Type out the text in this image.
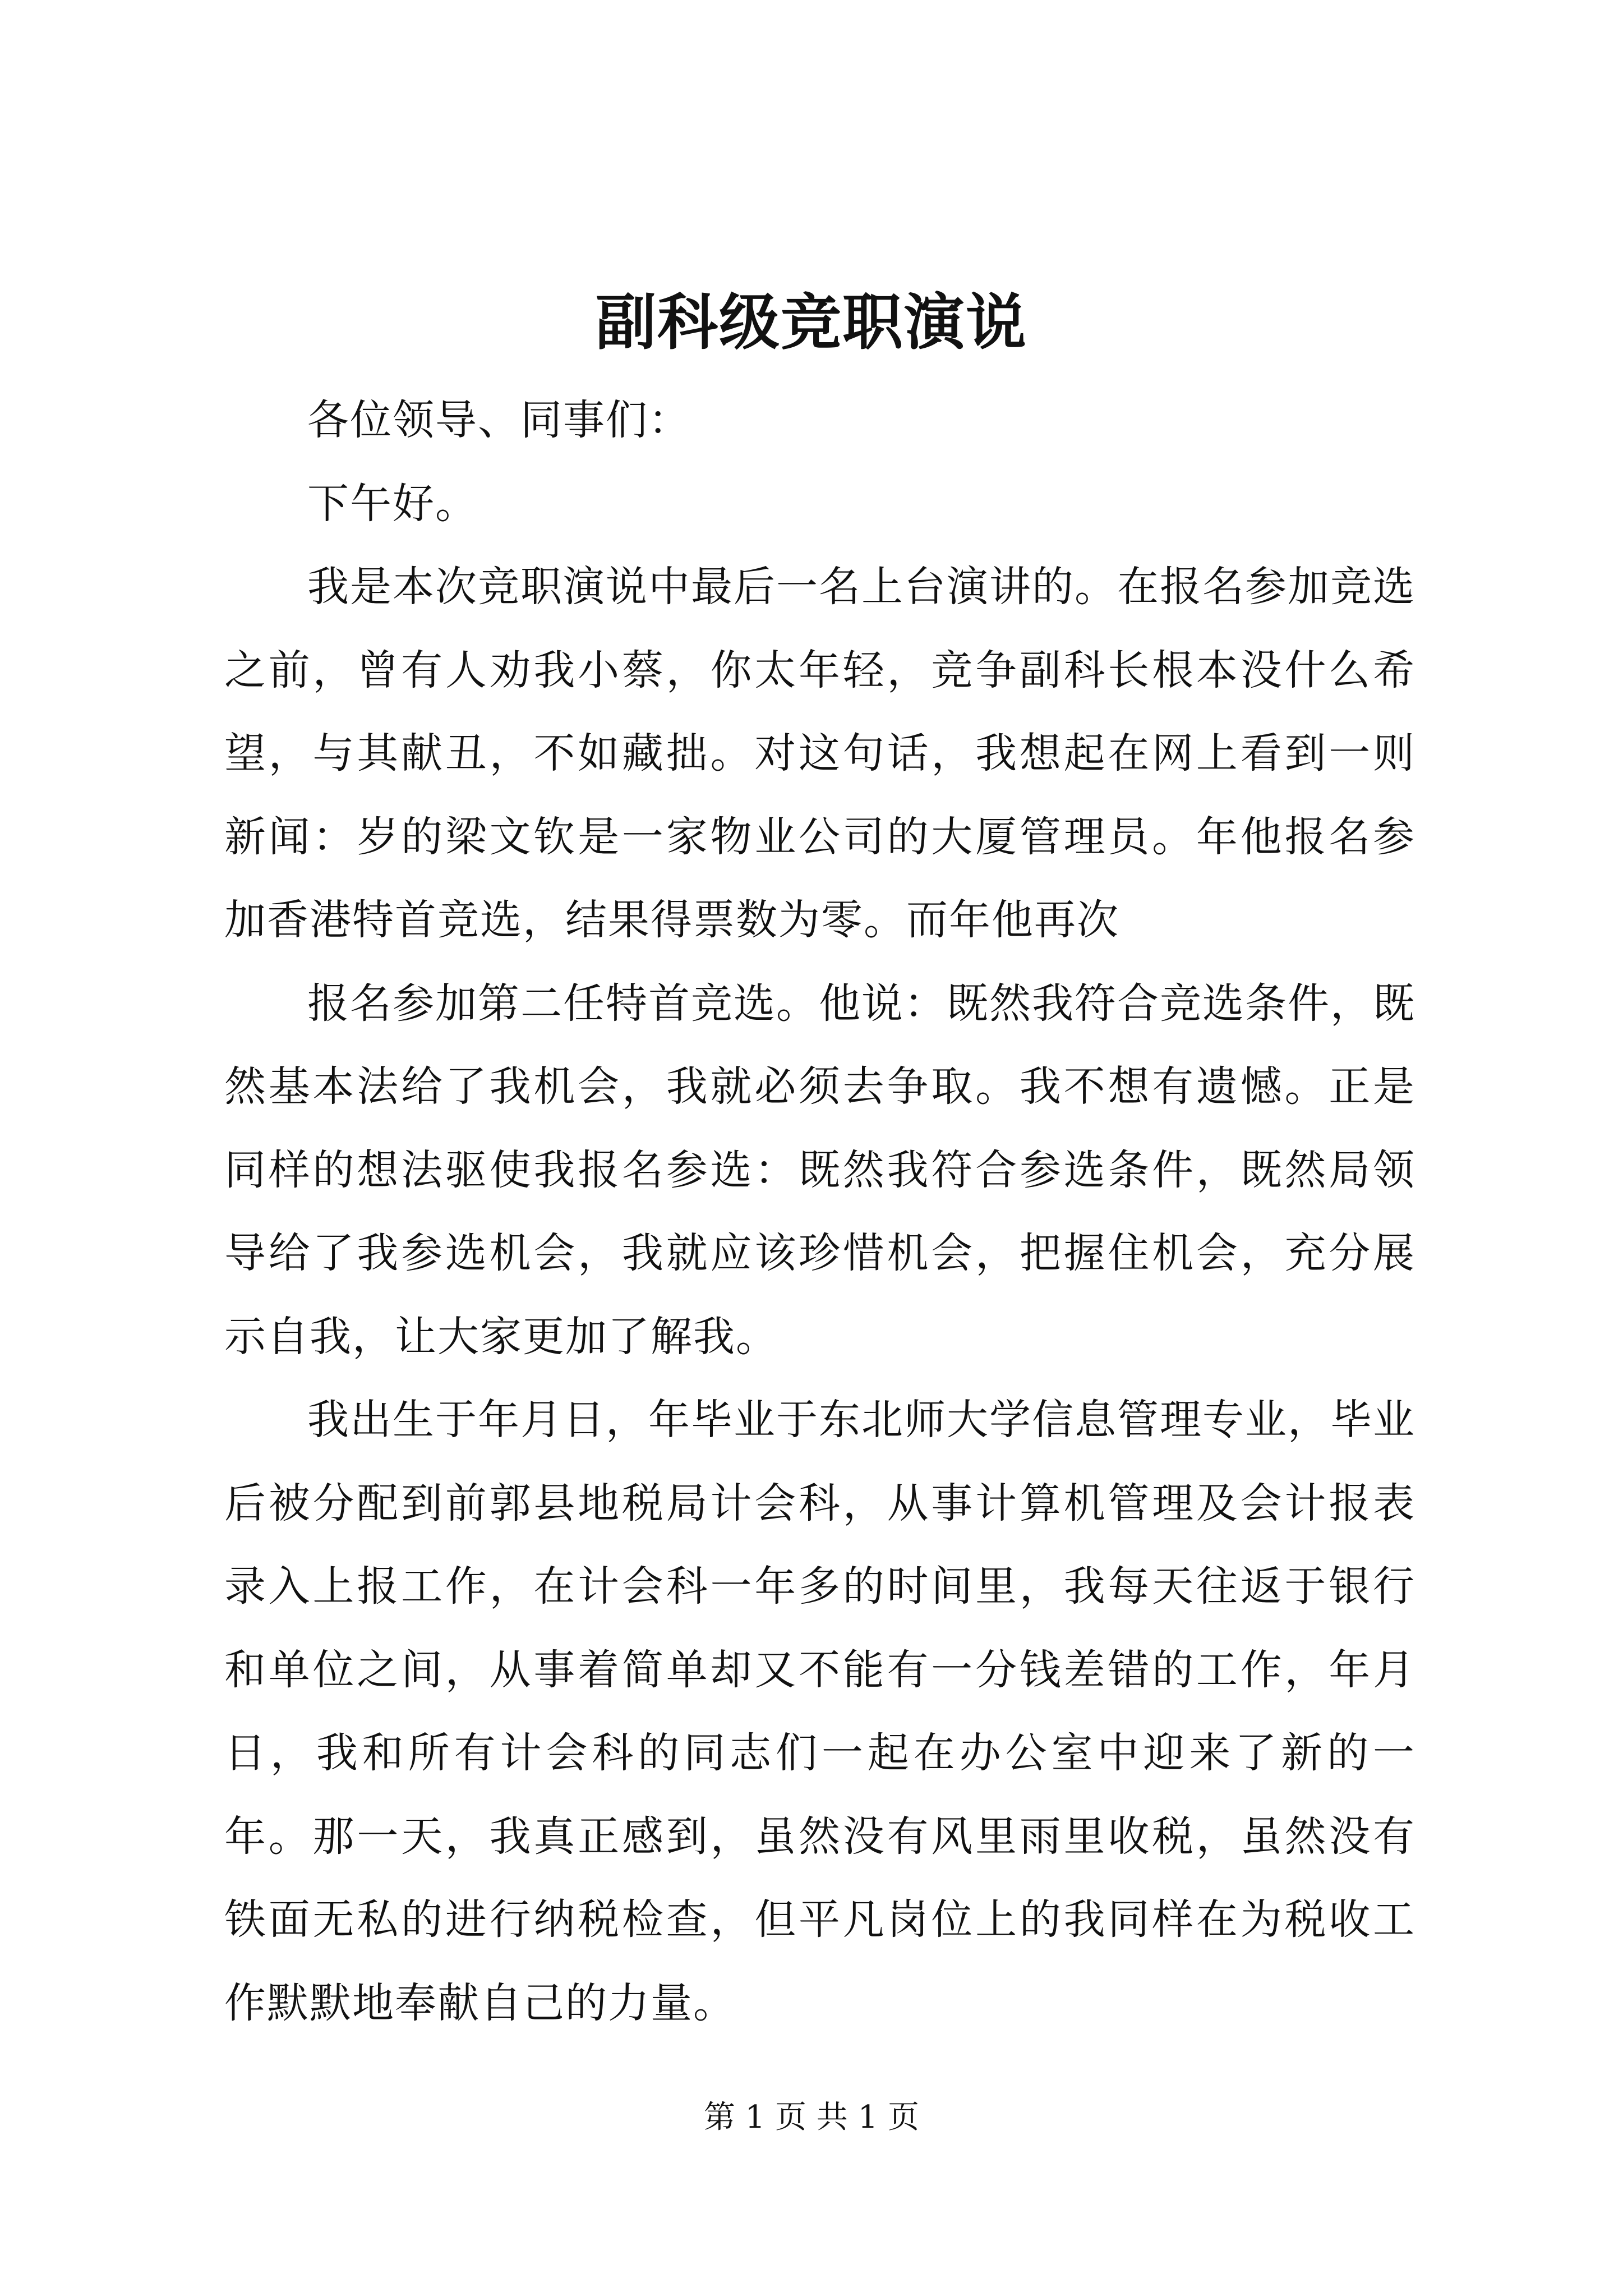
副科级竞职演说

各位领导、同事们：

下午好。

我是本次竞职演说中最后一名上台演讲的。在报名参加竞选之前，曾有人劝我小蔡，你太年轻，竞争副科长根本没什么希望，与其献丑，不如藏拙。对这句话，我想起在网上看到一则新闻：岁的梁文钦是一家物业公司的大厦管理员。年他报名参加香港特首竞选，结果得票数为零。而年他再次

报名参加第二任特首竞选。他说：既然我符合竞选条件，既然基本法给了我机会，我就必须去争取。我不想有遗憾。正是同样的想法驱使我报名参选：既然我符合参选条件，既然局领导给了我参选机会，我就应该珍惜机会，把握住机会，充分展示自我，让大家更加了解我。

我出生于年月日，年毕业于东北师大学信息管理专业，毕业后被分配到前郭县地税局计会科，从事计算机管理及会计报表录入上报工作，在计会科一年多的时间里，我每天往返于银行和单位之间，从事着简单却又不能有一分钱差错的工作，年月日，我和所有计会科的同志们一起在办公室中迎来了新的一年。那一天，我真正感到，虽然没有风里雨里收税，虽然没有铁面无私的进行纳税检查，但平凡岗位上的我同样在为税收工作默默地奉献自己的力量。

第 1 页 共 1 页
